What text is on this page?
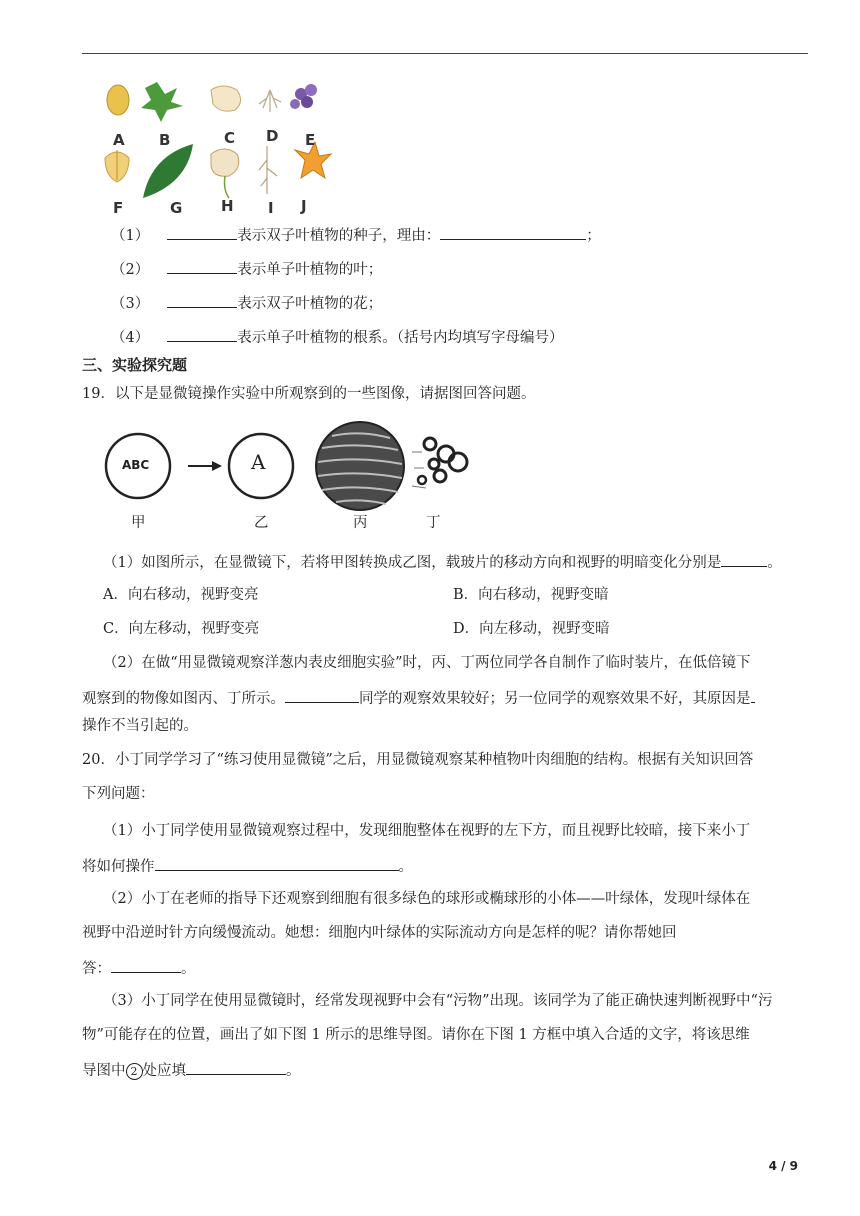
A B	C D E
F	G	H I J
（1）	表示双子叶植物的种子，理由：	；
（2）	表示单子叶植物的叶；
（3）	表示双子叶植物的花；
（4）	表示单子叶植物的根系。（括号内均填写字母编号）
三、实验探究题
19．以下是显微镜操作实验中所观察到的一些图像，请据图回答问题。
ABC	A
甲	乙	丙	丁
（1）如图所示，在显微镜下，若将甲图转换成乙图，载玻片的移动方向和视野的明暗变化分别是	。
A．向右移动，视野变亮	B．向右移动，视野变暗
C．向左移动，视野变亮	D．向左移动，视野变暗
（2）在做“用显微镜观察洋葱内表皮细胞实验”时，丙、丁两位同学各自制作了临时装片，在低倍镜下
观察到的物像如图丙、丁所示。	同学的观察效果较好；另一位同学的观察效果不好，其原因是
操作不当引起的。
20．小丁同学学习了“练习使用显微镜”之后，用显微镜观察某种植物叶肉细胞的结构。根据有关知识回答
下列问题：
（1）小丁同学使用显微镜观察过程中，发现细胞整体在视野的左下方，而且视野比较暗，接下来小丁
将如何操作	。
（2）小丁在老师的指导下还观察到细胞有很多绿色的球形或椭球形的小体——叶绿体，发现叶绿体在
视野中沿逆时针方向缓慢流动。她想：细胞内叶绿体的实际流动方向是怎样的呢？请你帮她回
答：	。
（3）小丁同学在使用显微镜时，经常发现视野中会有“污物”出现。该同学为了能正确快速判断视野中“污
物”可能存在的位置，画出了如下图 1 所示的思维导图。请你在下图 1 方框中填入合适的文字，将该思维
导图中 2 处应填	。
4 / 9
